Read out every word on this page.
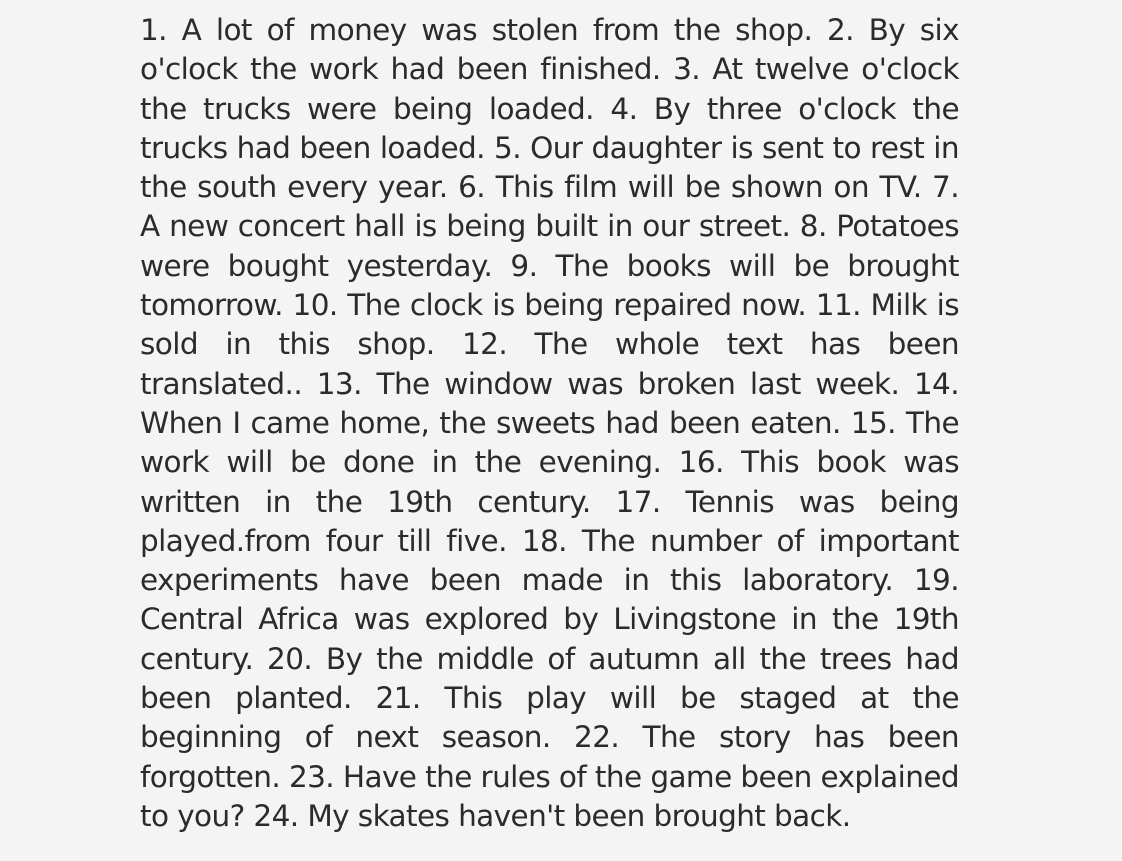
1. A lot of money was stolen from the shop. 2. By six o'clock the work had been finished. 3. At twelve o'clock the trucks were being loaded. 4. By three o'clock the trucks had been loaded. 5. Our daughter is sent to rest in the south every year. 6. This film will be shown on TV. 7. A new concert hall is being built in our street. 8. Potatoes were bought yesterday. 9. The books will be brought tomorrow. 10. The clock is being repaired now. 11. Milk is sold in this shop. 12. The whole text has been translated.. 13. The window was broken last week. 14. When I came home, the sweets had been eaten. 15. The work will be done in the evening. 16. This book was written in the 19th century. 17. Tennis was being played.from four till five. 18. The number of important experiments have been made in this laboratory. 19. Central Africa was explored by Livingstone in the 19th century. 20. By the middle of autumn all the trees had been planted. 21. This play will be staged at the beginning of next season. 22. The story has been forgotten. 23. Have the rules of the game been explained to you? 24. My skates haven't been brought back.
